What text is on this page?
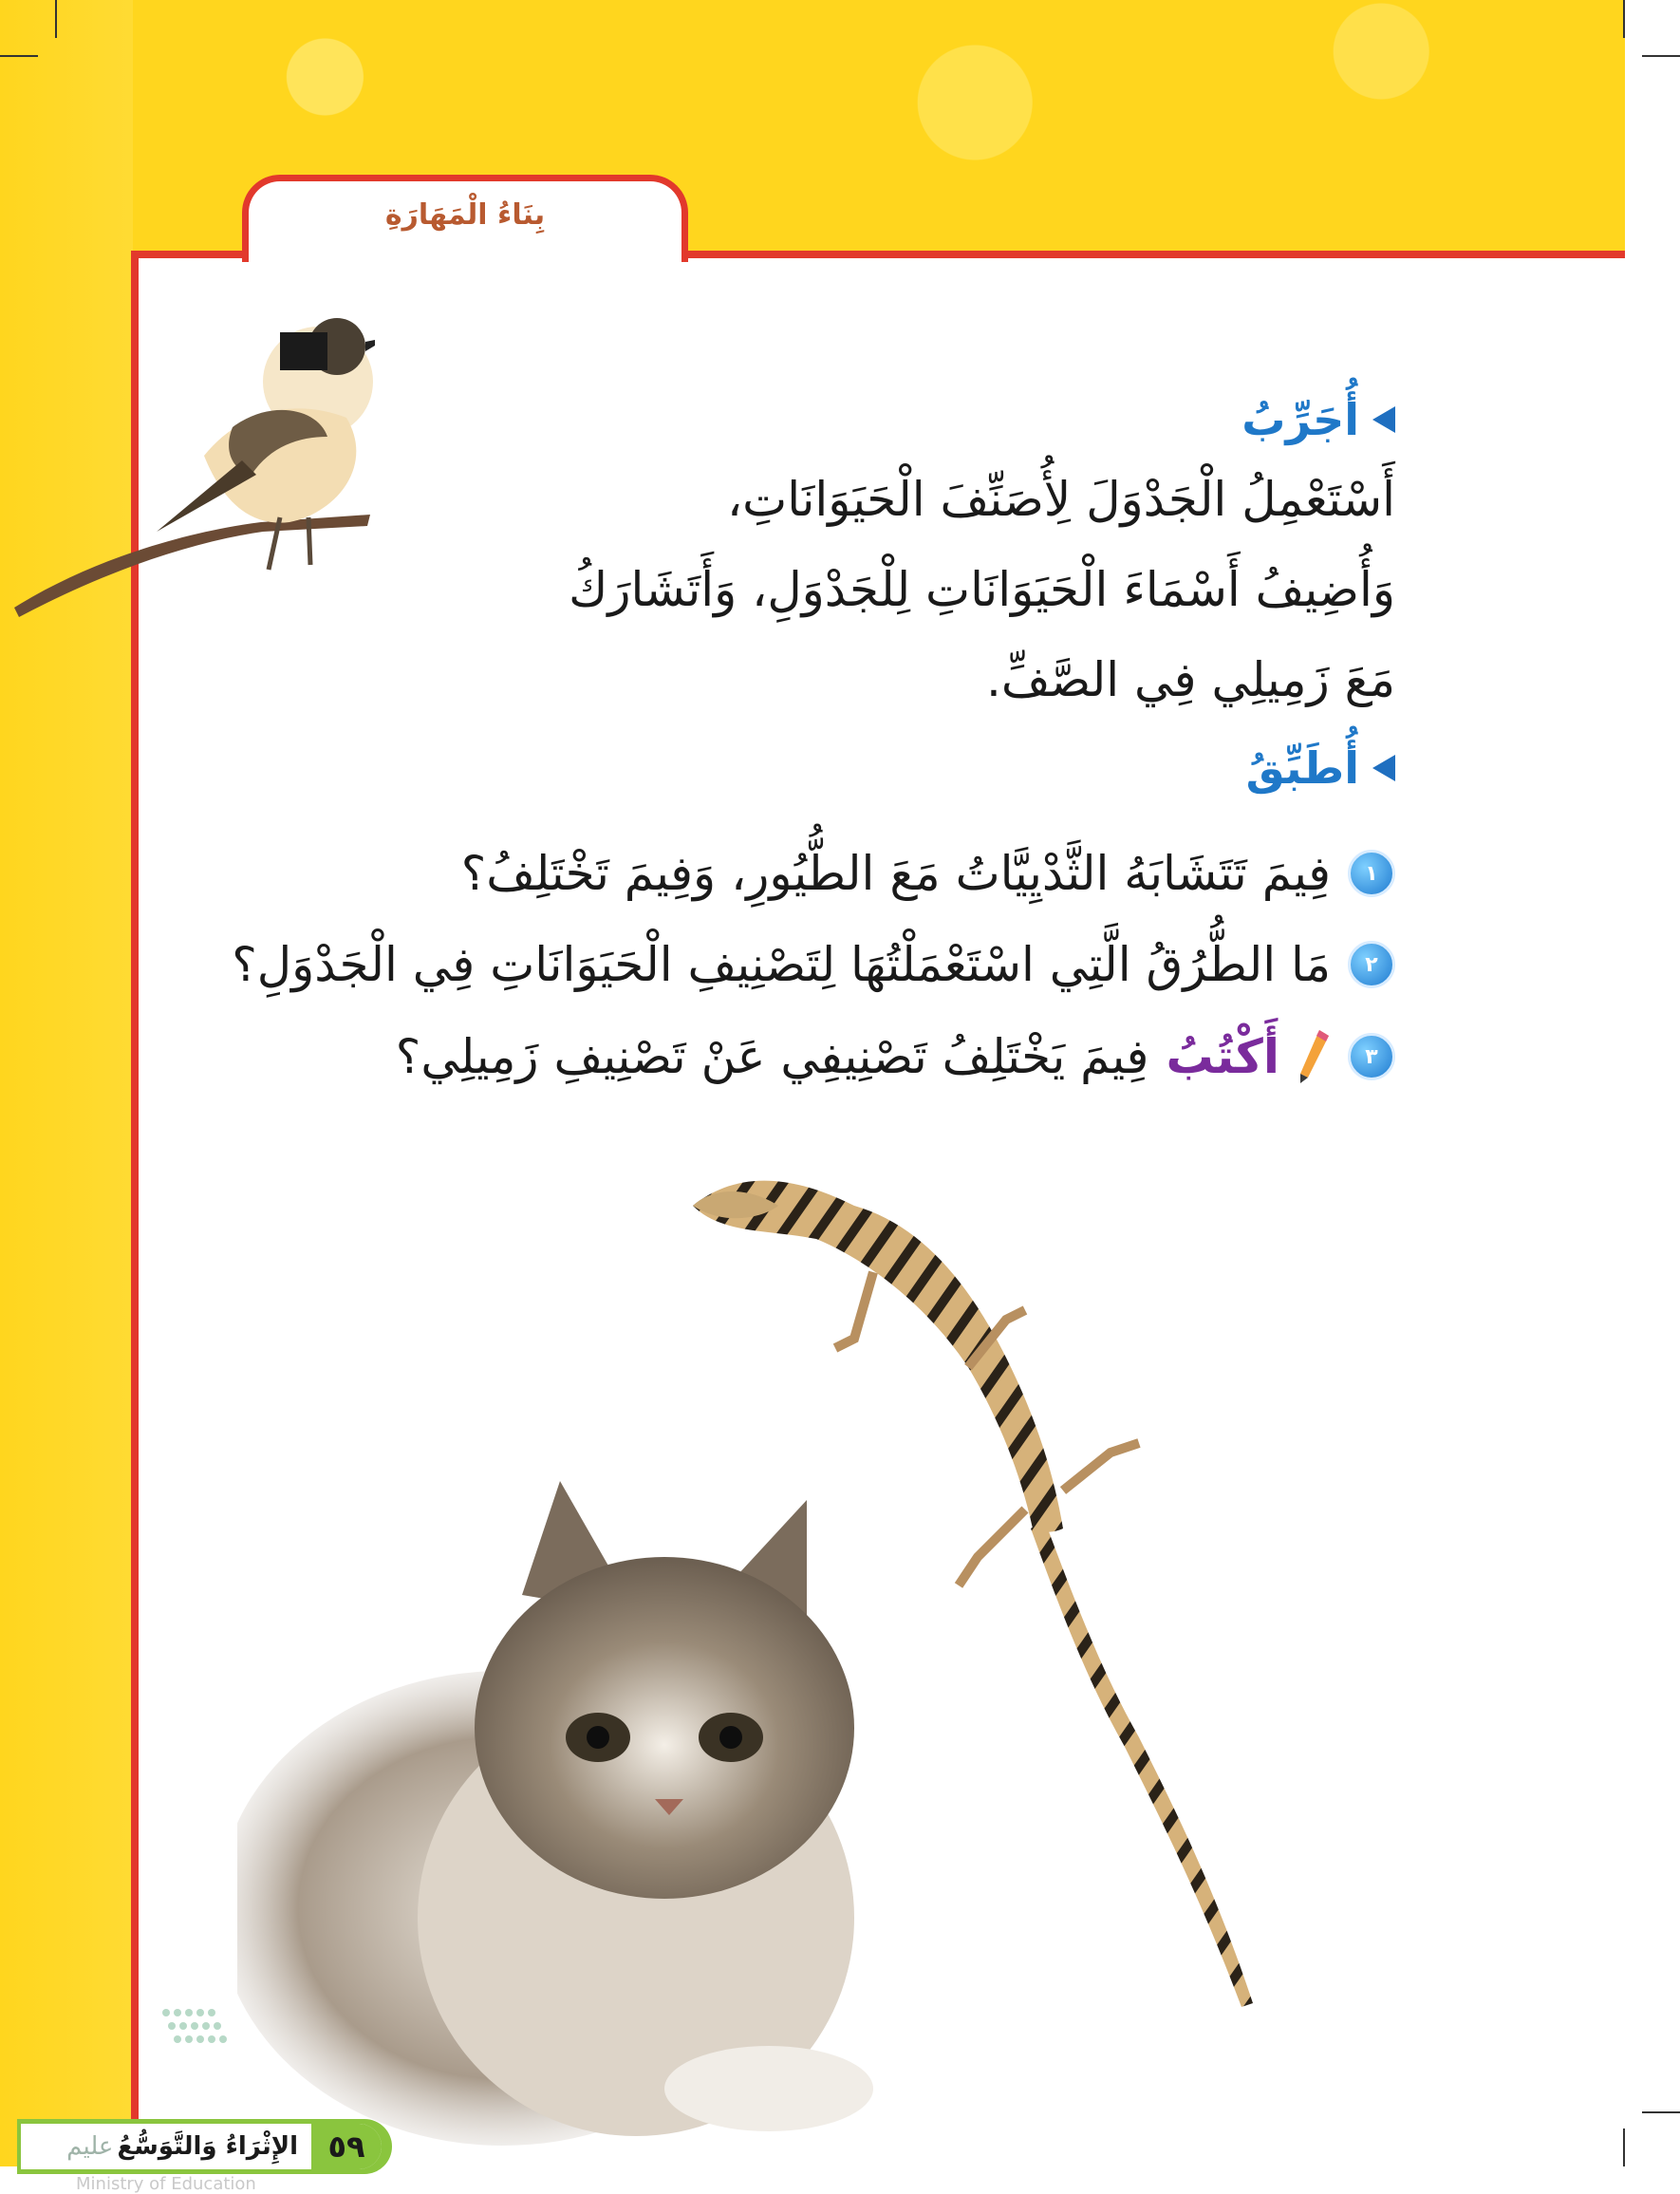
بِنَاءُ الْمَهَارَةِ
أُجَرِّبُ
أَسْتَعْمِلُ الْجَدْوَلَ لِأُصَنِّفَ الْحَيَوَانَاتِ،
وَأُضِيفُ أَسْمَاءَ الْحَيَوَانَاتِ لِلْجَدْوَلِ، وَأَتَشَارَكُ
مَعَ زَمِيلِي فِي الصَّفِّ.
أُطَبِّقُ
١
فِيمَ تَتَشَابَهُ الثَّدْيِيَّاتُ مَعَ الطُّيُورِ، وَفِيمَ تَخْتَلِفُ؟
٢
مَا الطُّرُقُ الَّتِي اسْتَعْمَلْتُهَا لِتَصْنِيفِ الْحَيَوَانَاتِ فِي الْجَدْوَلِ؟
٣
أَكْتُبُ
فِيمَ يَخْتَلِفُ تَصْنِيفِي عَنْ تَصْنِيفِ زَمِيلِي؟
٥٩
الإِثْرَاءُ وَالتَّوَسُّعُ
عليم
Ministry of Education
